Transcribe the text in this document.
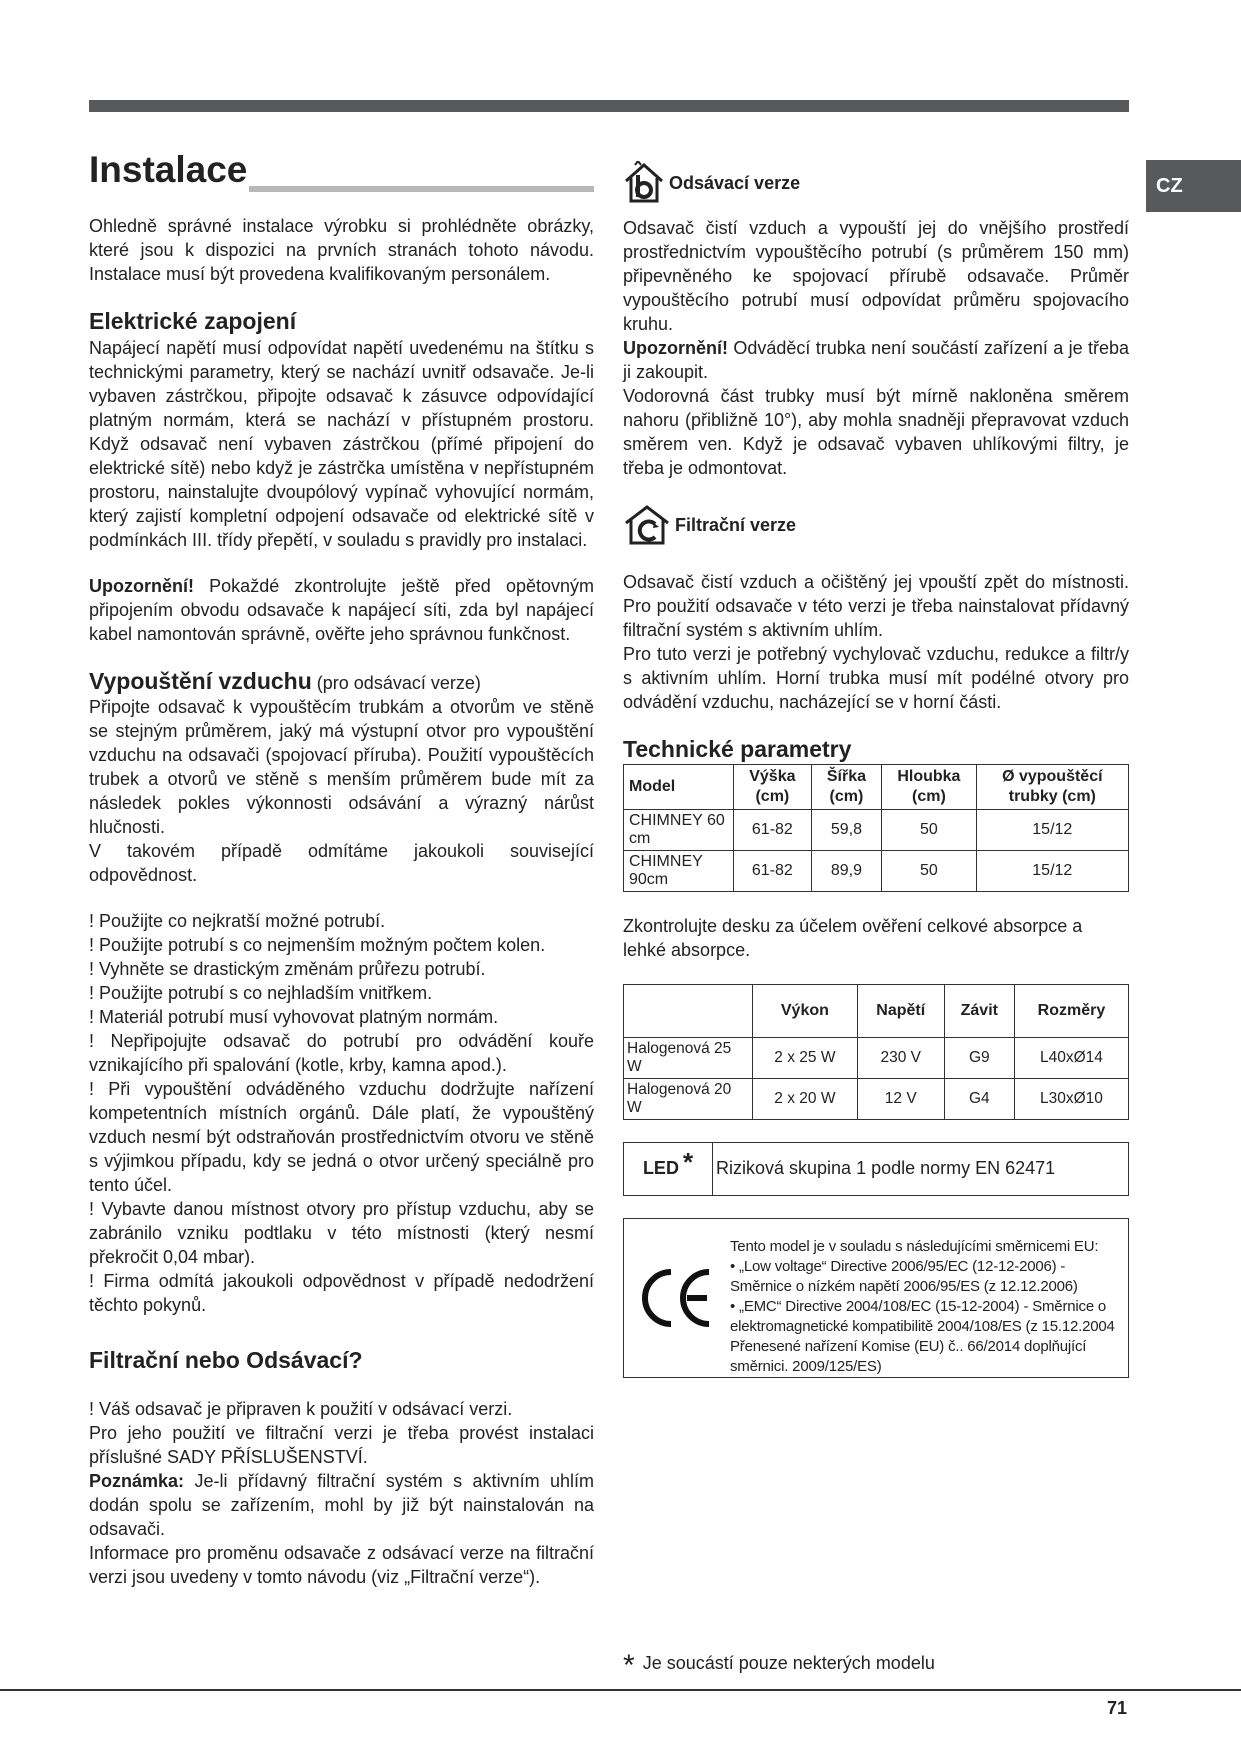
CZ
Instalace

Ohledně správné instalace výrobku si prohlédněte obrázky, které jsou k dispozici na prvních stranách tohoto návodu. Instalace musí být provedena kvalifikovaným personálem.

Elektrické zapojení

Napájecí napětí musí odpovídat napětí uvedenému na štítku s technickými parametry, který se nachází uvnitř odsavače. Je-li vybaven zástrčkou, připojte odsavač k zásuvce odpovídající platným normám, která se nachází v přístupném prostoru. Když odsavač není vybaven zástrčkou (přímé připojení do elektrické sítě) nebo když je zástrčka umístěna v nepřístupném prostoru, nainstalujte dvoupólový vypínač vyhovující normám, který zajistí kompletní odpojení odsavače od elektrické sítě v podmínkách III. třídy přepětí, v souladu s pravidly pro instalaci.

Upozornění! Pokaždé zkontrolujte ještě před opětovným připojením obvodu odsavače k napájecí síti, zda byl napájecí kabel namontován správně, ověřte jeho správnou funkčnost.

Vypouštění vzduchu (pro odsávací verze)

Připojte odsavač k vypouštěcím trubkám a otvorům ve stěně se stejným průměrem, jaký má výstupní otvor pro vypouštění vzduchu na odsavači (spojovací příruba). Použití vypouštěcích trubek a otvorů ve stěně s menším průměrem bude mít za následek pokles výkonnosti odsávání a výrazný nárůst hlučnosti.

V takovém případě odmítáme jakoukoli související odpovědnost.

! Použijte co nejkratší možné potrubí.

! Použijte potrubí s co nejmenším možným počtem kolen.

! Vyhněte se drastickým změnám průřezu potrubí.

! Použijte potrubí s co nejhladším vnitřkem.

! Materiál potrubí musí vyhovovat platným normám.

! Nepřipojujte odsavač do potrubí pro odvádění kouře vznikajícího při spalování (kotle, krby, kamna apod.).

! Při vypouštění odváděného vzduchu dodržujte nařízení kompetentních místních orgánů. Dále platí, že vypouštěný vzduch nesmí být odstraňován prostřednictvím otvoru ve stěně s výjimkou případu, kdy se jedná o otvor určený speciálně pro tento účel.

! Vybavte danou místnost otvory pro přístup vzduchu, aby se zabránilo vzniku podtlaku v této místnosti (který nesmí překročit 0,04 mbar).

! Firma odmítá jakoukoli odpovědnost v případě nedodržení těchto pokynů.

Filtrační nebo Odsávací?

! Váš odsavač je připraven k použití v odsávací verzi.

Pro jeho použití ve filtrační verzi je třeba provést instalaci příslušné SADY PŘÍSLUŠENSTVÍ.

Poznámka: Je-li přídavný filtrační systém s aktivním uhlím dodán spolu se zařízením, mohl by již být nainstalován na odsavači.

Informace pro proměnu odsavače z odsávací verze na filtrační verzi jsou uvedeny v tomto návodu (viz „Filtrační verze“).

Odsávací verze

Odsavač čistí vzduch a vypouští jej do vnějšího prostředí prostřednictvím vypouštěcího potrubí (s průměrem 150 mm) připevněného ke spojovací přírubě odsavače. Průměr vypouštěcího potrubí musí odpovídat průměru spojovacího kruhu.

Upozornění! Odváděcí trubka není součástí zařízení a je třeba ji zakoupit.

Vodorovná část trubky musí být mírně nakloněna směrem nahoru (přibližně 10°), aby mohla snadněji přepravovat vzduch směrem ven. Když je odsavač vybaven uhlíkovými filtry, je třeba je odmontovat.

Filtrační verze

Odsavač čistí vzduch a očištěný jej vpouští zpět do místnosti. Pro použití odsavače v této verzi je třeba nainstalovat přídavný filtrační systém s aktivním uhlím.

Pro tuto verzi je potřebný vychylovač vzduchu, redukce a filtr/y s aktivním uhlím. Horní trubka musí mít podélné otvory pro odvádění vzduchu, nacházející se v horní části.

Technické parametry
Model	Výška (cm)	Šířka (cm)	Hloubka (cm)	Ø vypouštěcí trubky (cm)
CHIMNEY 60 cm	61-82	59,8	50	15/12
CHIMNEY 90cm	61-82	89,9	50	15/12

Zkontrolujte desku za účelem ověření celkové absorpce a lehké absorpce.

	Výkon	Napětí	Závit	Rozměry
Halogenová 25 W	2 x 25 W	230 V	G9	L40xØ14
Halogenová 20 W	2 x 20 W	12 V	G4	L30xØ10
LED * Riziková skupina 1 podle normy EN 62471
Tento model je v souladu s následujícími směrnicemi EU:
• „Low voltage“ Directive 2006/95/EC (12-12-2006) - Směrnice o nízkém napětí 2006/95/ES (z 12.12.2006)
• „EMC“ Directive 2004/108/EC (15-12-2004) - Směrnice o elektromagnetické kompatibilitě 2004/108/ES (z 15.12.2004 Přenesené nařízení Komise (EU) č.. 66/2014 doplňující směrnici. 2009/125/ES)
* Je soucástí pouze nekterých modelu
71
